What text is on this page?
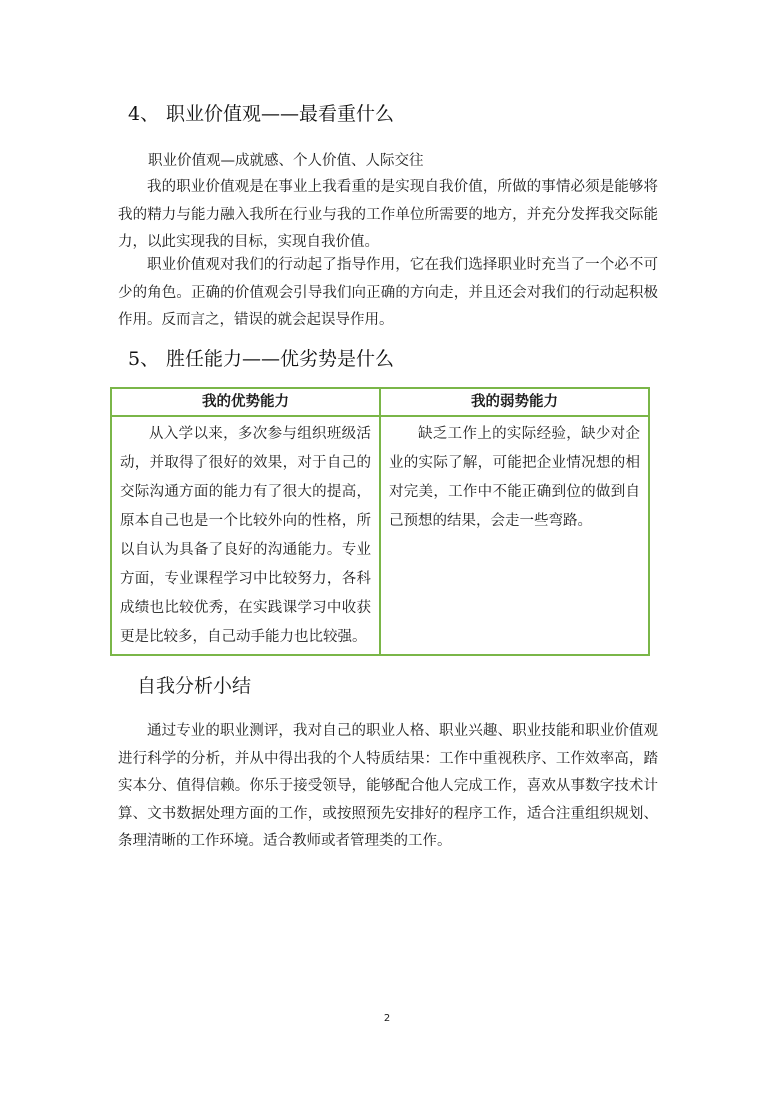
4、 职业价值观——最看重什么

职业价值观—成就感、个人价值、人际交往

我的职业价值观是在事业上我看重的是实现自我价值，所做的事情必须是能够将我的精力与能力融入我所在行业与我的工作单位所需要的地方，并充分发挥我交际能力，以此实现我的目标，实现自我价值。

职业价值观对我们的行动起了指导作用，它在我们选择职业时充当了一个必不可少的角色。正确的价值观会引导我们向正确的方向走，并且还会对我们的行动起积极作用。反而言之，错误的就会起误导作用。

5、 胜任能力——优劣势是什么
我的优势能力	我的弱势能力

从入学以来，多次参与组织班级活动，并取得了很好的效果，对于自己的交际沟通方面的能力有了很大的提高，原本自己也是一个比较外向的性格，所以自认为具备了良好的沟通能力。专业方面，专业课程学习中比较努力，各科成绩也比较优秀，在实践课学习中收获更是比较多，自己动手能力也比较强。	缺乏工作上的实际经验，缺少对企业的实际了解，可能把企业情况想的相对完美，工作中不能正确到位的做到自己预想的结果，会走一些弯路。

自我分析小结

通过专业的职业测评，我对自己的职业人格、职业兴趣、职业技能和职业价值观进行科学的分析，并从中得出我的个人特质结果：工作中重视秩序、工作效率高，踏实本分、值得信赖。你乐于接受领导，能够配合他人完成工作，喜欢从事数字技术计算、文书数据处理方面的工作，或按照预先安排好的程序工作，适合注重组织规划、条理清晰的工作环境。适合教师或者管理类的工作。

2
